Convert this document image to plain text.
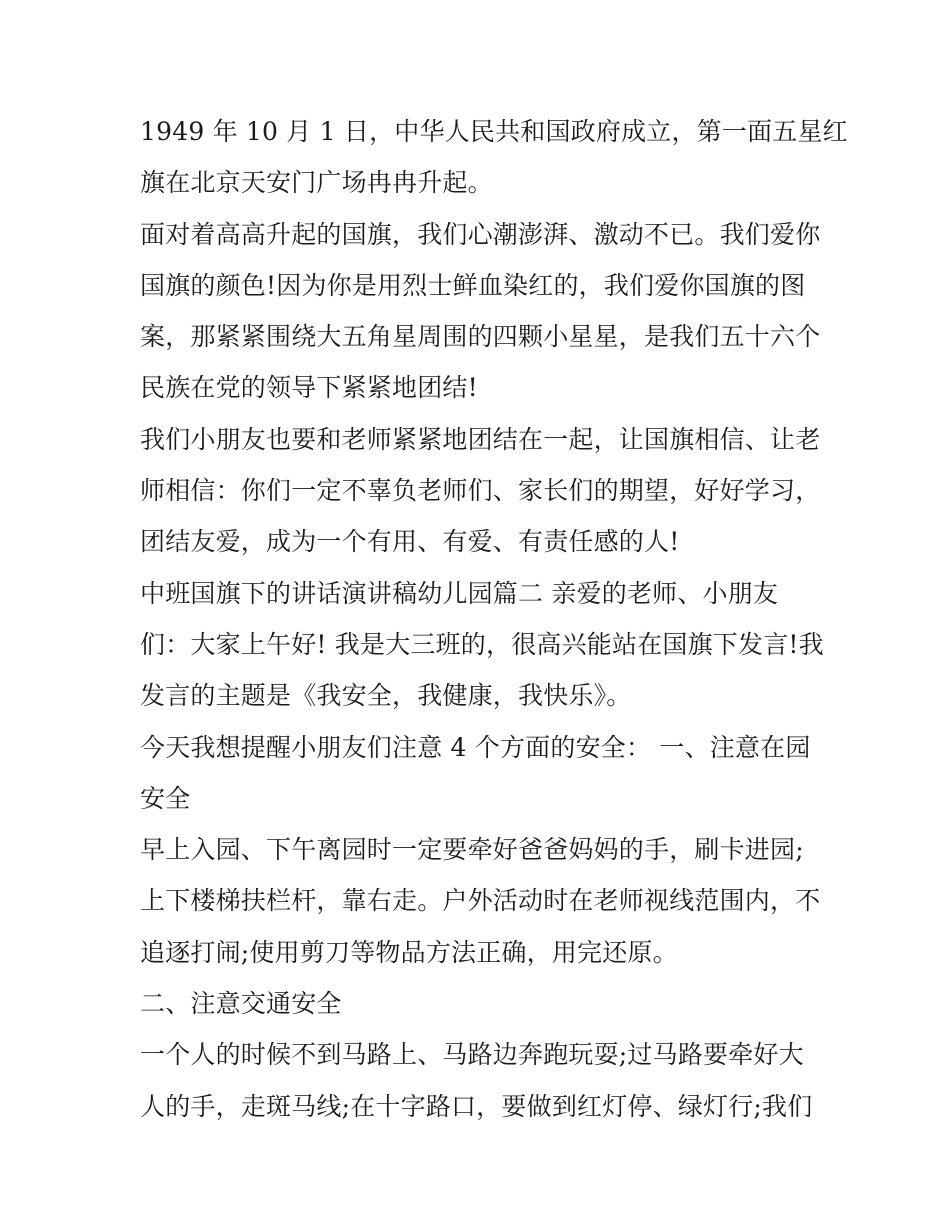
1949 年 10 月 1 日，中华人民共和国政府成立，第一面五星红
旗在北京天安门广场冉冉升起。
面对着高高升起的国旗，我们心潮澎湃、激动不已。我们爱你
国旗的颜色!因为你是用烈士鲜血染红的，我们爱你国旗的图
案，那紧紧围绕大五角星周围的四颗小星星，是我们五十六个
民族在党的领导下紧紧地团结!
我们小朋友也要和老师紧紧地团结在一起，让国旗相信、让老
师相信：你们一定不辜负老师们、家长们的期望，好好学习，
团结友爱，成为一个有用、有爱、有责任感的人!
中班国旗下的讲话演讲稿幼儿园篇二 亲爱的老师、小朋友
们：大家上午好! 我是大三班的，很高兴能站在国旗下发言!我
发言的主题是《我安全，我健康，我快乐》。
今天我想提醒小朋友们注意 4 个方面的安全： 一、注意在园
安全
早上入园、下午离园时一定要牵好爸爸妈妈的手，刷卡进园;
上下楼梯扶栏杆，靠右走。户外活动时在老师视线范围内，不
追逐打闹;使用剪刀等物品方法正确，用完还原。
二、注意交通安全
一个人的时候不到马路上、马路边奔跑玩耍;过马路要牵好大
人的手，走斑马线;在十字路口，要做到红灯停、绿灯行;我们
